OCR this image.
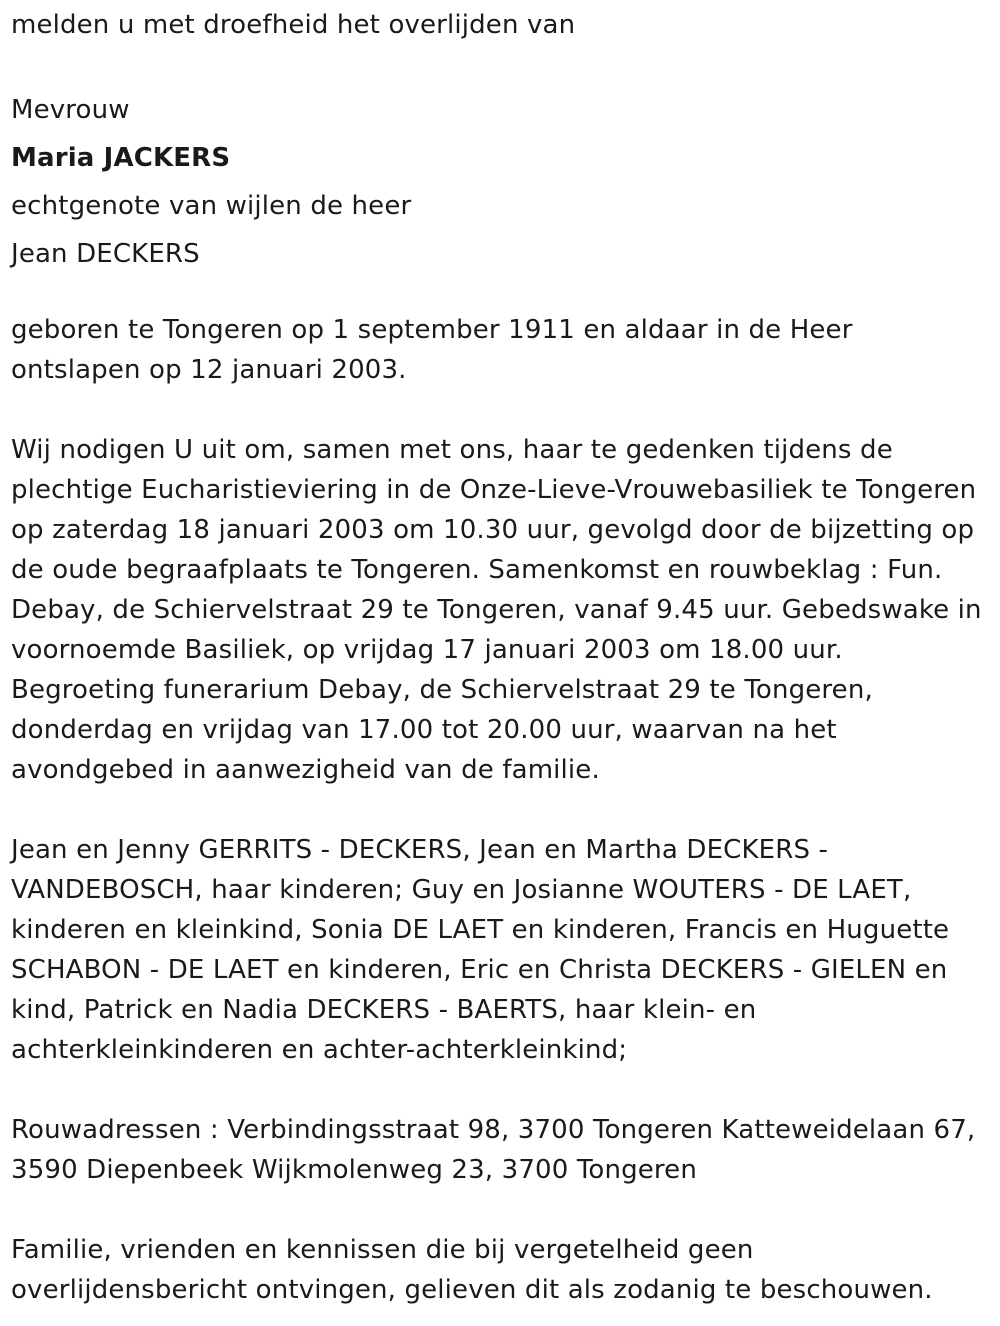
melden u met droefheid het overlijden van

Mevrouw

Maria JACKERS

echtgenote van wijlen de heer

Jean DECKERS

geboren te Tongeren op 1 september 1911 en aldaar in de Heer

ontslapen op 12 januari 2003.

Wij nodigen U uit om, samen met ons, haar te gedenken tijdens de

plechtige Eucharistieviering in de Onze-Lieve-Vrouwebasiliek te Tongeren

op zaterdag 18 januari 2003 om 10.30 uur, gevolgd door de bijzetting op

de oude begraafplaats te Tongeren. Samenkomst en rouwbeklag : Fun.

Debay, de Schiervelstraat 29 te Tongeren, vanaf 9.45 uur. Gebedswake in

voornoemde Basiliek, op vrijdag 17 januari 2003 om 18.00 uur.

Begroeting funerarium Debay, de Schiervelstraat 29 te Tongeren,

donderdag en vrijdag van 17.00 tot 20.00 uur, waarvan na het

avondgebed in aanwezigheid van de familie.

Jean en Jenny GERRITS - DECKERS, Jean en Martha DECKERS -

VANDEBOSCH, haar kinderen; Guy en Josianne WOUTERS - DE LAET,

kinderen en kleinkind, Sonia DE LAET en kinderen, Francis en Huguette

SCHABON - DE LAET en kinderen, Eric en Christa DECKERS - GIELEN en

kind, Patrick en Nadia DECKERS - BAERTS, haar klein- en

achterkleinkinderen en achter-achterkleinkind;

Rouwadressen : Verbindingsstraat 98, 3700 Tongeren Katteweidelaan 67,

3590 Diepenbeek Wijkmolenweg 23, 3700 Tongeren

Familie, vrienden en kennissen die bij vergetelheid geen

overlijdensbericht ontvingen, gelieven dit als zodanig te beschouwen.
